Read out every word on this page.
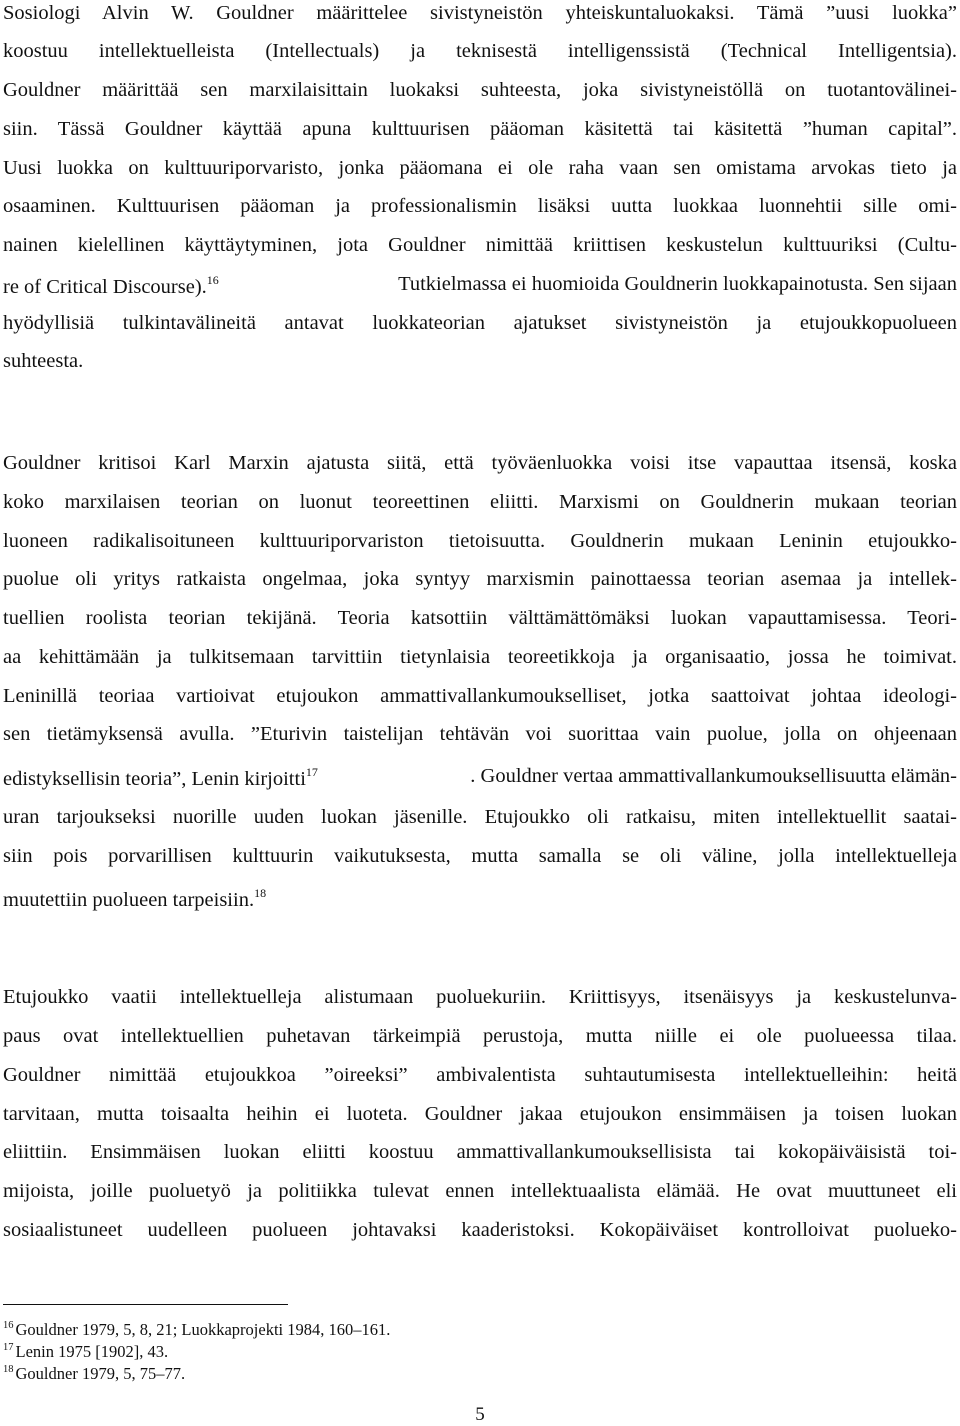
Sosiologi Alvin W. Gouldner määrittelee sivistyneistön yhteiskuntaluokaksi. Tämä ”uusi luokka”
koostuu intellektuelleista (Intellectuals) ja teknisestä intelligenssistä (Technical Intelligentsia).
Gouldner määrittää sen marxilaisittain luokaksi suhteesta, joka sivistyneistöllä on tuotantovälinei-
siin. Tässä Gouldner käyttää apuna kulttuurisen pääoman käsitettä tai käsitettä ”human capital”.
Uusi luokka on kulttuuriporvaristo, jonka pääomana ei ole raha vaan sen omistama arvokas tieto ja
osaaminen. Kulttuurisen pääoman ja professionalismin lisäksi uutta luokkaa luonnehtii sille omi-
nainen kielellinen käyttäytyminen, jota Gouldner nimittää kriittisen keskustelun kulttuuriksi (Cultu-
re of Critical Discourse).$^{16}$	Tutkielmassa ei huomioida Gouldnerin luokkapainotusta. Sen sijaan
hyödyllisiä tulkintavälineitä antavat luokkateorian ajatukset sivistyneistön ja etujoukkopuolueen
suhteesta.
Gouldner kritisoi Karl Marxin ajatusta siitä, että työväenluokka voisi itse vapauttaa itsensä, koska
koko marxilaisen teorian on luonut teoreettinen eliitti. Marxismi on Gouldnerin mukaan teorian
luoneen radikalisoituneen kulttuuriporvariston tietoisuutta. Gouldnerin mukaan Leninin etujoukko-
puolue oli yritys ratkaista ongelmaa, joka syntyy marxismin painottaessa teorian asemaa ja intellek-
tuellien roolista teorian tekijänä. Teoria katsottiin välttämättömäksi luokan vapauttamisessa. Teori-
aa kehittämään ja tulkitsemaan tarvittiin tietynlaisia teoreetikkoja ja organisaatio, jossa he toimivat.
Leninillä teoriaa vartioivat etujoukon ammattivallankumoukselliset, jotka saattoivat johtaa ideologi-
sen tietämyksensä avulla. ”Eturivin taistelijan tehtävän voi suorittaa vain puolue, jolla on ohjeenaan
edistyksellisin teoria”, Lenin kirjoitti$^{17}$	. Gouldner vertaa ammattivallankumouksellisuutta elämän-
uran tarjoukseksi nuorille uuden luokan jäsenille. Etujoukko oli ratkaisu, miten intellektuellit saatai-
siin pois porvarillisen kulttuurin vaikutuksesta, mutta samalla se oli väline, jolla intellektuelleja
muutettiin puolueen tarpeisiin.$^{18}$
Etujoukko vaatii intellektuelleja alistumaan puoluekuriin. Kriittisyys, itsenäisyys ja keskustelunva-
paus ovat intellektuellien puhetavan tärkeimpiä perustoja, mutta niille ei ole puolueessa tilaa.
Gouldner nimittää etujoukkoa ”oireeksi” ambivalentista suhtautumisesta intellektuelleihin: heitä
tarvitaan, mutta toisaalta heihin ei luoteta. Gouldner jakaa etujoukon ensimmäisen ja toisen luokan
eliittiin. Ensimmäisen luokan eliitti koostuu ammattivallankumouksellisista tai kokopäiväisistä toi-
mijoista, joille puoluetyö ja politiikka tulevat ennen intellektuaalista elämää. He ovat muuttuneet eli
sosiaalistuneet uudelleen puolueen johtavaksi kaaderistoksi. Kokopäiväiset kontrolloivat puolueko-
$^{16}$ Gouldner 1979, 5, 8, 21; Luokkaprojekti 1984, 160–161.
$^{17}$ Lenin 1975 [1902], 43.
$^{18}$ Gouldner 1979, 5, 75–77.
5
